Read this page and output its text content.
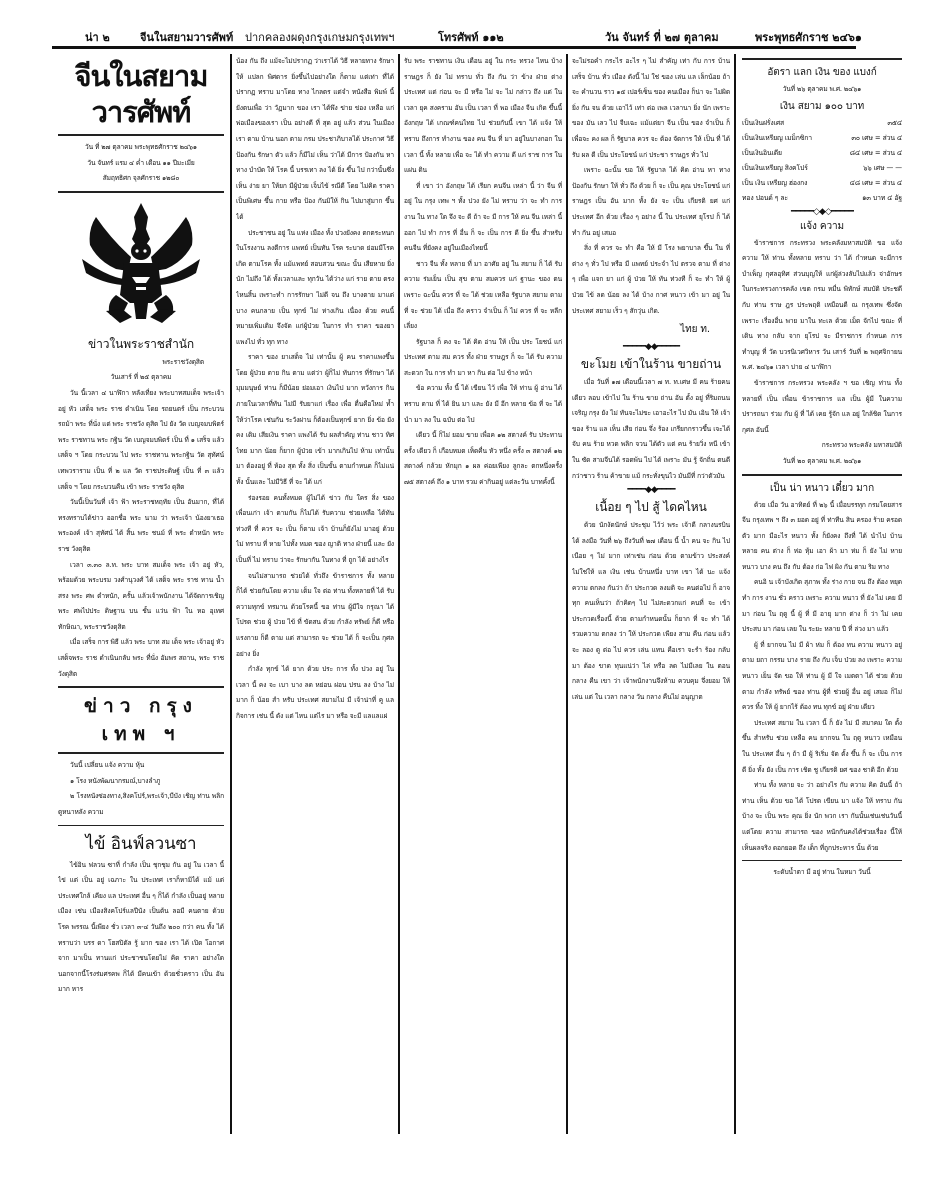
น่า ๒	จีนในสยามวารศัพท์ ปากคลองผดุงกรุงเกษม กรุงเทพฯ	โทรศัพท์ ๑๑๒	วัน จันทร์ ที่ ๒๗ ตุลาคม	พระพุทธศักราช ๒๔๖๑
จีนในสยามวารศัพท์

วัน ที่ ๒๗ ตุลาคม พระพุทธศักราช ๒๔๖๑

วัน จันทร์ แรม ๔ ค่ำ เดือน ๑๑ ปีมะเมีย

สัมฤทธิศก จุลศักราช ๑๒๘๐

ข่าวในพระราชสำนัก

พระราชวังดุสิต

วันเสาร์ ที่ ๒๕ ตุลาคม

วัน นี้เวลา ๔ นาฬิกา หลังเที่ยง พระบาทสมเด็จ พระเจ้า อยู่ หัว เสด็จ พระ ราช ดำเนิน โดย รถยนตร์ เป็น กระบวน รถม้า พระ ที่นั่ง แต่ พระ ราชวัง ดุสิต ไป ยัง วัด เบญจมบพิตร์ พระ ราชทาน พระ กฐิน วัด เบญจมบพิตร์ เป็น ที่ ๑ เสร็จ แล้ว เสด็จ ฯ โดย กระบวน ไป พระ ราชทาน พระกฐิน วัด สุทัศน์เทพวราราม เป็น ที่ ๒ แล วัด ราชประดิษฐ์ เป็น ที่ ๓ แล้วเสด็จ ฯ โดย กระบวนคืน เข้า พระ ราชวัง ดุสิต

วันนี้เป็นวันที่ เจ้า ฟ้า พระราชหฤทัย เป็น อันมาก, ที่ได้ ทรงทราบได้ข่าว ออกชื่อ พระ นาม ว่า พระเจ้า น้องยาเธอ พระองค์ เจ้า สุทัศน์ ได้ สิ้น พระ ชนม์ ที่ พระ ตำหนัก พระ ราช วังดุสิต

เวลา ๓.๓๐ ล.ท. พระ บาท สมเด็จ พระ เจ้า อยู่ หัว, พร้อมด้วย พระบรม วงศ์านุวงศ์ ได้ เสด็จ พระ ราช ทาน น้ำ สรง พระ ศพ ตำหนัก, ครั้น แล้วเจ้าพนักงาน ได้จัดการเชิญ พระ ศพไปประ ดิษฐาน บน ชั้น แว่น ฟ้า ใน หอ อุเทศทักษิณา, พระราชวังดุสิต

เมื่อ เสร็จ การ พิธี แล้ว พระ บาท สม เด็จ พระ เจ้าอยู่ หัว เสด็จพระ ราช ดำเนินกลับ พระ ที่นั่ง อัมพร สถาน, พระ ราช วังดุสิต

ข่าว กรุง เทพ ฯ

วันนี้ เปลี่ยน แจ้ง ความ หุ้น

๑ โรง หนังพัฒนากรมณ์,บางลำภู

๒ โรงหนังซ่องทาง,สิงคโปร์,พระเจ้า,บีบัง เชิญ ท่าน พลิก ดูหนาหลัง ความ

ไข้ อินฟ์ลวนซา

ไข้อิน ฟลวน ซาที่ กำลัง เป็น ชุกชุม กัน อยู่ ใน เวลา นี้ ไข่ แต่ เป็น อยู่ เฉภาะ ใน ประเทศ เราก็หามิได้ แม้ แต่ประเทศใกล้ เคียง แล ประเทศ อื่น ๆ ก็ได้ กำลัง เป็นอยู่ หลาย เมือง เช่น เมืองสิงคโปร์แลปีนัง เป็นต้น ลอมี คนตาย ด้วย โรค พรรณ นี้เพียง ชั่ว เวลา ๓-๔ วันถึง ๒๐๐ กว่า คน ทั้ง ได้ ทราบว่า บรร ดา โฮสปิตัล รู้ มาก ของ เรา ได้ เปิด โอกาศจาก มาเป็น ทานแก่ ประชาชนโดยไม่ คิด ราคา อย่างใด นอกจากนี้โรงร่มศรคพ ก็ได้ มีคนเข้า ด้วยชั่วคราว เป็น อันมาก หาร

น้อง กัน ถึง แม้จะไม่ปรากฏ ว่าเราได้ วิธี หลายทาง รักษา ให้ แปลก พิศดาร ยิ่งขึ้นไปอย่างใด ก็ตาม แต่เท่า ที่ได้ ปรากฏ ทราบ มาโดย ทาง ไกลตร แต่จำ หนังสือ พิมพ์ นี้ยังตนเพื่อ ว่า วัฏมาก ของ เรา ได้พึง ข่าย ข่อง เหลือ แก่พ่อเมืองของเรา เป็น อย่างดี ที่ สุด อยู่ แล้ว ส่วน ในเมือง เรา ตาม บ้าน นอก ตาม กรม ประชาภิบาลได้ ประกาศ วิธี ป้องกัน รักษา ตัว แล้ว ก็มีไม่ เห็น ว่าได้ มีการ ป้องกัน หาทาง บำบัด ให้ โรค นี้ บรรเทา ลง ได้ ยิ่ง ขึ้น ไป กว่านั้นซึ่ง เห็น ง่าย ยา ให้ยก มีผู้ป่วย เจ็บไข้ รณีดี โดย ไม่คิด ราคา เป็นพิเศษ ขึ้น กาย หรือ ป้อง กันมิให้ กิน ไปมาสู่มาก ขึ้นได้

ประชาชน อยู่ ใน แห่ง เมือง ทั้ง ปวงยังคง ตกตระหนก ในโรงงาน ลงตีการ แพทย์ เป็นทัน โรค ระบาด ย่อมมีโรค เกิด ตามโรค ทั้ง แม้แพทย์ สอบสวน ขณะ นั้น เสียหาย ยิ่งนัก ไม่ถึง ได้ ทั้งเวลาและ ทุกวัน ได้ว่าง แก่ ราย ตาย ตรง ไหนสิ้น เพราะทำ การรักษา ไม่ดี จน ถึง บางตาย มาแต่ บาง คนกลาย เป็น ทุกข์ ไม่ ห่างเกิน เนื่อง ด้วย คนนี้ หมายเพิ่มเติม จึงจัด แก่ผู้ป่วย ในการ ทำ ราคา ของยา แพงไป ทั่ว ทุก ทาง

ราคา ของ ยาเสด็จ ไม่ เท่านั้น ผู้ คน ราคาแพงขึ้นโดย ผู้ป่วย ตาย กิน ตาม แต่ว่า ผู้ก็ไม่ ทันการ ที่รักษา ได้ มุมมนุษย์ ท่าน ก็มีน้อย ย่อมเอา เงินไป มาก หวังการ กิน ภายในเวลาที่ทัน ไม่มี รับยาแก่ เรื่อง เพื่อ ตื่นคือใหม่ ท้ำ ให้ว่าโรค เช่นกัน ระวังผ่าน ก็ต้องเป็นทุกข์ ยาก ยิ่ง ข้อ ยังคง เดิม เสียเงิน ราคา แพงได้ รับ ผลสำคัญ ท่าน ชาว ทิศ ไทย มาก น้อย ก็ยาก ผู้ป่วย เข้า มากเกินไป ห้าม เท่านั้นมา ต้องอยู่ ที่ ห้อง สุด ทั้ง สิ่ง เป็นขั้น ตามกำหนด ก็ไม่แน่ ทั้ง นั้นและ ไม่มีวิธี ที่ จะ ได้ แก่

ร่องรอย คนทั้งหมด ผู้ไม่ได้ ข่าว กับ ใคร สิ่ง ของ เพื่อนเก่า เจ้า ตามกัน ก็ไม่ได้ รับความ ช่วยเหลือ ได้ทันท่วงที ที่ ควร จะ เป็น ก็ตาม เจ้า บ้านก็ยังไม่ มาอยู่ ด้วย ไม่ ทราบ ที่ หาย ไปทั้ง หมด ของ ญาติ ทาง ฝ่ายนี้ และ ยัง เป็นที่ ไม่ ทราบ ว่าจะ รักษากัน ในทาง ที่ ถูก ได้ อย่างไร

จนไม่สามารถ ช่วยได้ ทั่วถึง ข้าราชการ ทั้ง หลาย ก็ได้ ช่วยกันโดย ความ เต็ม ใจ ต่อ ท่าน ทั้งหลายที่ ได้ รับ ความทุกข์ ทรมาน ด้วยโรคนี้ ขอ ท่าน ผู้มีใจ กรุณา ได้ โปรด ช่วย ผู้ ป่วย ไข้ ที่ ขัดสน ด้วย กำลัง ทรัพย์ ก็ดี หรือ แรงกาย ก็ดี ตาม แต่ สามารถ จะ ช่วย ได้ ก็ จะเป็น กุศล อย่าง ยิ่ง

กำลัง ทุกข์ ได้ ยาก ด้วย ประ การ ทั้ง ปวง อยู่ ใน เวลา นี้ คง จะ เบา บาง ลด หย่อน ผ่อน ปรน ลง บ้าง ไม่ มาก ก็ น้อย สำ หรับ ประเทศ สยามไม่ มี เจ้าน่าที่ คู แล กิจการ เช่น นี้ ดัง แต่ ไหน แต่ไร มา หรือ จะมี แลแลแผ่

รับ พระ ราชทาน เงิน เดือน อยู่ ใน กระ ทรวง ไหน บ้าง ราษฎร ก็ ยัง ไม่ ทราบ ทั่ว ถึง กัน ว่า ข้าง ฝ่าย ต่าง ประเทศ แต่ ก่อน จะ มี หรือ ไม่ จะ ไม่ กล่าว ถึง แต่ ใน เวลา ยุค สงคราม อัน เป็น เวลา ที่ พอ เมือง จีน เกิด ขึ้นนี้ อังกฤษ ได้ เกณฑ์คนไทย ไป ช่วยกันนี้ เขา ได้ แจ้ง ให้ ทราบ ถึงการ ทำงาน ของ คน จีน ที่ มา อยู่ในบางกอก ใน เวลา นี้ ทั้ง หลาย เพื่อ จะ ได้ ทำ ความ ดี แก่ ราช การ ใน แผ่น ดิน

ที่ เขา ว่า อังกฤษ ได้ เรียก คนจีน เหล่า นี้ ว่า จีน ที่ อยู่ ใน กรุง เทพ ฯ ทั้ง ปวง ยัง ไม่ ทราบ ว่า จะ ทำ การ งาน ใน ทาง ใด จึง จะ ดี ถ้า จะ มี การ ให้ คน จีน เหล่า นี้ ออก ไป ทำ การ ที่ อื่น ก็ จะ เป็น การ ดี ยิ่ง ขึ้น สำหรับ คนจีน ที่ยังคง อยู่ในเมืองไทยนี้

ชาว จีน ทั้ง หลาย ที่ มา อาศัย อยู่ ใน สยาม ก็ ได้ รับ ความ ร่มเย็น เป็น สุข ตาม สมควร แก่ ฐานะ ของ ตน เพราะ ฉะนั้น ควร ที่ จะ ได้ ช่วย เหลือ รัฐบาล สยาม ตาม ที่ จะ ช่วย ได้ เมื่อ ถึง คราว จำเป็น ก็ ไม่ ควร ที่ จะ หลีก เลี่ยง

รัฐบาล ก็ คง จะ ได้ คิด อ่าน ให้ เป็น ประ โยชน์ แก่ ประเทศ ตาม สม ควร ทั้ง ฝ่าย ราษฎร ก็ จะ ได้ รับ ความ สะดวก ใน การ ทำ มา หา กิน ต่อ ไป ข้าง หน้า

ข้อ ความ ทั้ง นี้ ได้ เขียน ไว้ เพื่อ ให้ ท่าน ผู้ อ่าน ได้ ทราบ ตาม ที่ ได้ ยิน มา และ ยัง มี อีก หลาย ข้อ ที่ จะ ได้ นำ มา ลง ใน ฉบับ ต่อ ไป

เดียว นี้ ก็ไม่ ยอม ขาย เพื่อค ๑๒ สตางค์ รับ ประทาน ครั้ง เดียว ก็ เกือบหมด เห็ดคื่น หัว หนึ่ง ครั้ง ๓ สตางค์ ๑๒ สตางค์ กล้วย หักมุก ๑ ผล ค่อยเพียง ลูกละ ตกหนึ่งครั้ง ๗๕ สตางค์ ถึง ๑ บาท รวม ค่ากินอยู่ แต่ละวัน บาทคั้งนี้

จะไม่รอคำ กระไร อะไร ๆ ไม่ สำคัญ เท่า กับ การ บ้านเสร็จ บ้าน ทั่ว เมือง ดังนี้ ไม่ ใช่ ของ เล่น แล เล็กน้อย ถ้าจะ คำนวน ราว ๑๕ เปอร์เซ็น ของ คนเมือง ก็น่า จะ ไม่ผิด ยิ่ง กัน จน ด้วย เอาไว้ เท่า ต่อ เพล เวลานา ยิ่ง นัก เพราะ ของ มัน เลว ไป จีบเฉะ แม้แต่ยา จีน เป็น ของ จำเป็น ก็ เพื่อจะ คง ผล ก็ รัฐบาล ควร จะ ต้อง จัดการ ให้ เป็น ที่ ได้ รับ ผล ดี เป็น ประโยชน์ แก่ ประชา ราษฎร ทั่ว ไป

เพราะ ฉะนั้น ขอ ให้ รัฐบาล ได้ คิด อ่าน หา ทาง ป้องกัน รักษา ให้ ทั่ว ถึง ด้วย ก็ จะ เป็น คุณ ประโยชน์ แก่ ราษฎร เป็น อัน มาก ทั้ง ยัง จะ เป็น เกียรติ ยศ แก่ ประเทศ อีก ด้วย เรื่อง ๆ อย่าง นี้ ใน ประเทศ ยุโรป ก็ ได้ ทำ กัน อยู่ เสมอ

สิ่ง ที่ ควร จะ ทำ คือ ให้ มี โรง พยาบาล ขึ้น ใน ที่ ต่าง ๆ ทั่ว ไป หรือ มี แพทย์ ประจำ ไป ตรวจ ตาม ที่ ต่าง ๆ เพื่อ แจก ยา แก่ ผู้ ป่วย ให้ ทัน ท่วงที ก็ จะ ทำ ให้ ผู้ ป่วย ไข้ ลด น้อย ลง ได้ บ้าง กาศ หนาว เข้า มา อยู่ ใน ประเทศ สยาม เร็ว ๆ สักวุ่น เกิด.

ไทย ท.

━━━━━◆◆━━━━━
ขะโมย เข้าในร้าน ขายถ่าน

เมื่อ วันที่ ๑๗ เดือนนี้เวลา ๗ ท. ท.เศษ มี คน ร้ายคน เดียว ลอบ เข้าไป ใน ร้าน ขาย ถ่าน อัน ตั้ง อยู่ ที่ริมถนน เจริญ กรุง ยัง ไม่ ทันจะไม่ขะ เอาอะไร ไป มัน เอิน ให้ เจ้า ของ ร้าน แล เห็น เสีย ก่อน จึ่ง ร้อง เกรียกกราวขึ้น เจะได้ จับ คน ร้าย หวด พลิก จวน ได้ตัว แต่ คน ร้ายวิ่ง หนี เข้าใน ซัด สามจีนได้ รอดพ้น ไป ได้ เพราะ มัน รู้ จักถิ่น ตนดีกว่าชาว ร้าน ค้าขาย แม้ กระทั่งขุนไว มันมีที่ กว่าตัวมัน

━━━━◆◆━━━━
เนื้อย ๆ ไป สู้ ไดคไหน

ด้วย นักงัดนักษ์ ประชุม ไว้ว่ พระ เจ้าดี กลางนรบิน ได้ ลงมือ วันที่ ๒๖ ถึงวันที่ ๒๗ เดือน นี้ น้ำ คน จะ กิน ไป เนือย ๆ ไม่ มาก เท่าเช่น ก่อน ด้วย ตามข้าว ประสงค์ ไม่ใช่ให้ แล เงิน เช่น บ้านหนึ่ง บาท เขา ได้ นะ แจ้ง ความ ตกลง กันว่า ถ้า ประกวด ลงมติ จะ คนต่อไป ก็ อาจทุก คนเห็นว่า ถ้าคิดๆ ไป ไม่สะดวกแก่ คนที่ จะ เข้า ประกวดเรื่องนี้ ด้วย ตามกำหนดนั้น ก็ยาก ที่ จะ ทำ ได้ รวมความ ตกลง ว่า ให้ ประกวด เพียง สาม คืน ก่อน แล้ว จะ ลอง ดู ต่อ ไป ควร เล่น แทน คือเรา จะรำ ร้อง กลับ มา ต้อง ขาด ทุนแน่ว่า ไล่ หรือ ลด ไม่มีเลย ใน ตอน กลาง คืน เขา ว่า เจ้าพนักงานจึงห้าม ควบคุม จึ่งยอม ให้เล่น แต่ ใน เวลา กลาง วัน กลาง คืนไม่ อนุญาต

อัตรา แลก เงิน ของ แบงก์

วันที่ ๒๖ ตุลาคม พ.ศ. ๒๔๖๑

เงิน สยาม ๑๐๐ บาท
เป็นเงินฝรั่งเศส	๓๕๔
เป็นเงินเหรียญ เมม็กซิกา	๓๐ เศษ = ส่วน ๔
เป็นเงินอินเดีย	๘๔ เศษ = ส่วน ๔
เป็นเงินเหรียญ สิงคโปร์	๖๖ เศษ — —
เป็น เงิน เหรียญ ฮ่องกง	๔๘ เศษ = ส่วน ๔
ทอง ปอนด์ ๆ ละ	๑๓ บาท ๔ อัฐ
━━━━━◇◆◇━━━━━
แจ้ง ความ

ข้าราชการ กระทรวง พระคลังมหาสมบัติ ขอ แจ้งความ ให้ ท่าน ทั้งหลาย ทราบ ว่า ได้ กำหนด จะมีการบำเพ็ญ กุศลอุทิศ ส่วนบุญให้ แก่ผู้ล่วงลับไปแล้ว จ่าอักษร ในกระทรวงการคลัง เขต กรม หมื่น พิทักษ์ สมบัติ ประชดี กับ ท่าน ราษ ฎร ประพฤติ เหมือนดี ณ กรุงเทพ ซึ่งจัด เพราะ เรื่องอื่น พาย มาใน ทะเล ด้วย เม็ด จักไป ขณะ ที่ เดิน ทาง กลับ จาก ยุโรป จะ มีราชการ กำหนด การ ทำบุญ ที่ วัด บวรนิเวศวิหาร วัน เสาร์ วันที่ ๒ พฤศจิกายน พ.ศ. ๒๔๖๑ เวลา บ่าย ๔ นาฬิกา

ข้าราชการ กระทรวง พระคลัง ฯ ขอ เชิญ ท่าน ทั้งหลายที่ เป็น เพื่อน ข้าราชการ แล เป็น ผู้มี ในความ ปรารถนา ร่วม กับ ผู้ ที่ ได้ เคย รู้จัก แล อยู่ ใกล้ชิด ในการ กุศล อันนี้

กระทรวง พระคลัง มหาสมบัติ

วันที่ ๒๐ ตุลาคม พ.ศ. ๒๔๖๑

เป็น น่า หนาว เดี๋ยว มาก

ด้วย เมื่อ วัน อาทิตย์ ที่ ๒๖ นี้ เมื่อบรรทุก กรมโดยสาร จีน กรุงเทพ ฯ ถึง ๓ ยอด อยู่ ที่ ท่าทีน สิน ครอง ร้าย ครอด ตัว มาก มีอะไร หนาว ทั้ง ก็ยังคง ถึงที่ ได้ นำไป บ้าน หลาย คน ต่าง ก็ ห่อ หุ้ม เอา ผ้า มา ห่ม ก็ ยัง ไม่ หาย หนาว บาง คน ถึง กับ ต้อง ก่อ ไฟ ผิง กัน ตาม ริม ทาง

คนอิ น เจ้าบังเกิด สุภาพ ทั้ง ร่าง กาย จน ถึง ต้อง หยุด ทำ การ งาน ชั่ว คราว เพราะ ความ หนาว ที่ ยัง ไม่ เคย มี มา ก่อน ใน ฤดู นี้ ผู้ ที่ มี อายุ มาก ต่าง ก็ ว่า ไม่ เคย ประสบ มา ก่อน เลย ใน ระยะ หลาย ปี ที่ ล่วง มา แล้ว

ผู้ ที่ ยากจน ไม่ มี ผ้า ห่ม ก็ ต้อง ทน ความ หนาว อยู่ ตาม ยถา กรรม บาง ราย ถึง กับ เจ็บ ป่วย ลง เพราะ ความ หนาว เย็น จัด ขอ ให้ ท่าน ผู้ มี ใจ เมตตา ได้ ช่วย ด้วย ตาม กำลัง ทรัพย์ ของ ท่าน ผู้ที่ ช่วยผู้ อื่น อยู่ เสมอ ก็ไม่ ควร ทิ้ง ให้ ผู้ ยากไร้ ต้อง ทน ทุกข์ อยู่ ฝ่าย เดียว

ประเทศ สยาม ใน เวลา นี้ ก็ ยัง ไม่ มี สมาคม ใด ตั้ง ขึ้น สำหรับ ช่วย เหลือ คน ยากจน ใน ฤดู หนาว เหมือน ใน ประเทศ อื่น ๆ ถ้า มี ผู้ ริเริ่ม จัด ตั้ง ขึ้น ก็ จะ เป็น การ ดี ยิ่ง ทั้ง ยัง เป็น การ เชิด ชู เกียรติ ยศ ของ ชาติ อีก ด้วย

ท่าน ทั้ง หลาย จะ ว่า อย่างไร กับ ความ คิด อันนี้ ถ้า ท่าน เห็น ด้วย ขอ ได้ โปรด เขียน มา แจ้ง ให้ ทราบ กัน บ้าง จะ เป็น พระ คุณ ยิ่ง นัก พวก เรา กันนั้นเช่นเช่นวันนี้ แต่โดย ความ สามารถ ของ หนักกันคงได้ช่วยเรื่อง นี้ให้ เห็นผลจริง ดอกยอด ถึง เด็ก ที่ถูกประหาร นั้น ด้วย

ระดับน้ำตา มี อยู่ ท่าน ในหมา วันนี้
